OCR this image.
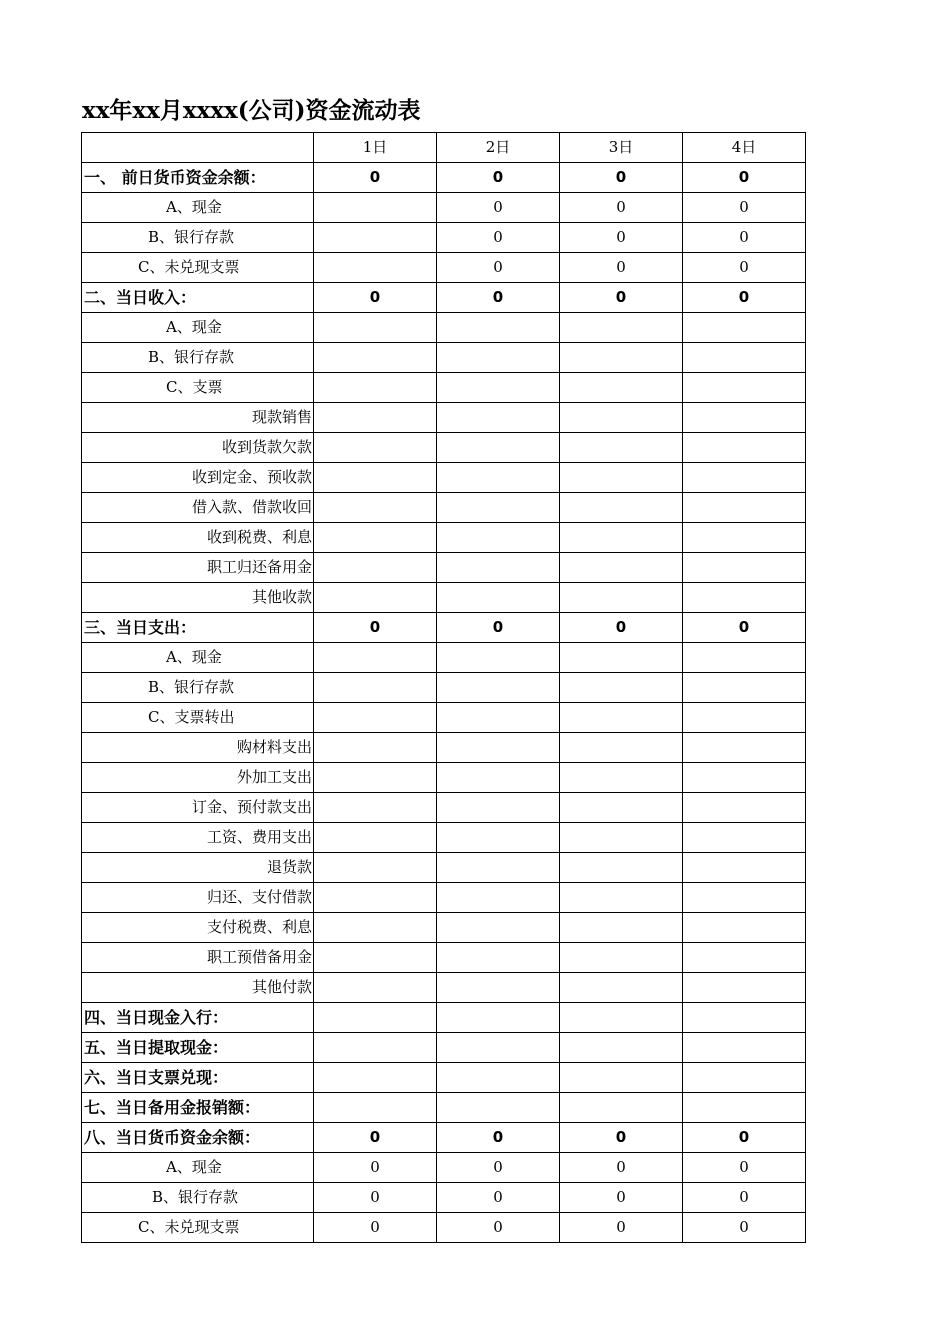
xx年xx月xxxx(公司)资金流动表
	1日	2日	3日	4日
一、 前日货币资金余额：	0	0	0	0
A、现金		0	0	0
B、银行存款		0	0	0
C、未兑现支票		0	0	0
二、当日收入：	0	0	0	0
A、现金				
B、银行存款				
C、支票				
现款销售				
收到货款欠款				
收到定金、预收款				
借入款、借款收回				
收到税费、利息				
职工归还备用金				
其他收款				
三、当日支出：	0	0	0	0
A、现金				
B、银行存款				
C、支票转出				
购材料支出				
外加工支出				
订金、预付款支出				
工资、费用支出				
退货款				
归还、支付借款				
支付税费、利息				
职工预借备用金				
其他付款				
四、当日现金入行：				
五、当日提取现金：				
六、当日支票兑现：				
七、当日备用金报销额：				
八、当日货币资金余额：	0	0	0	0
A、现金	0	0	0	0
B、银行存款	0	0	0	0
C、未兑现支票	0	0	0	0
